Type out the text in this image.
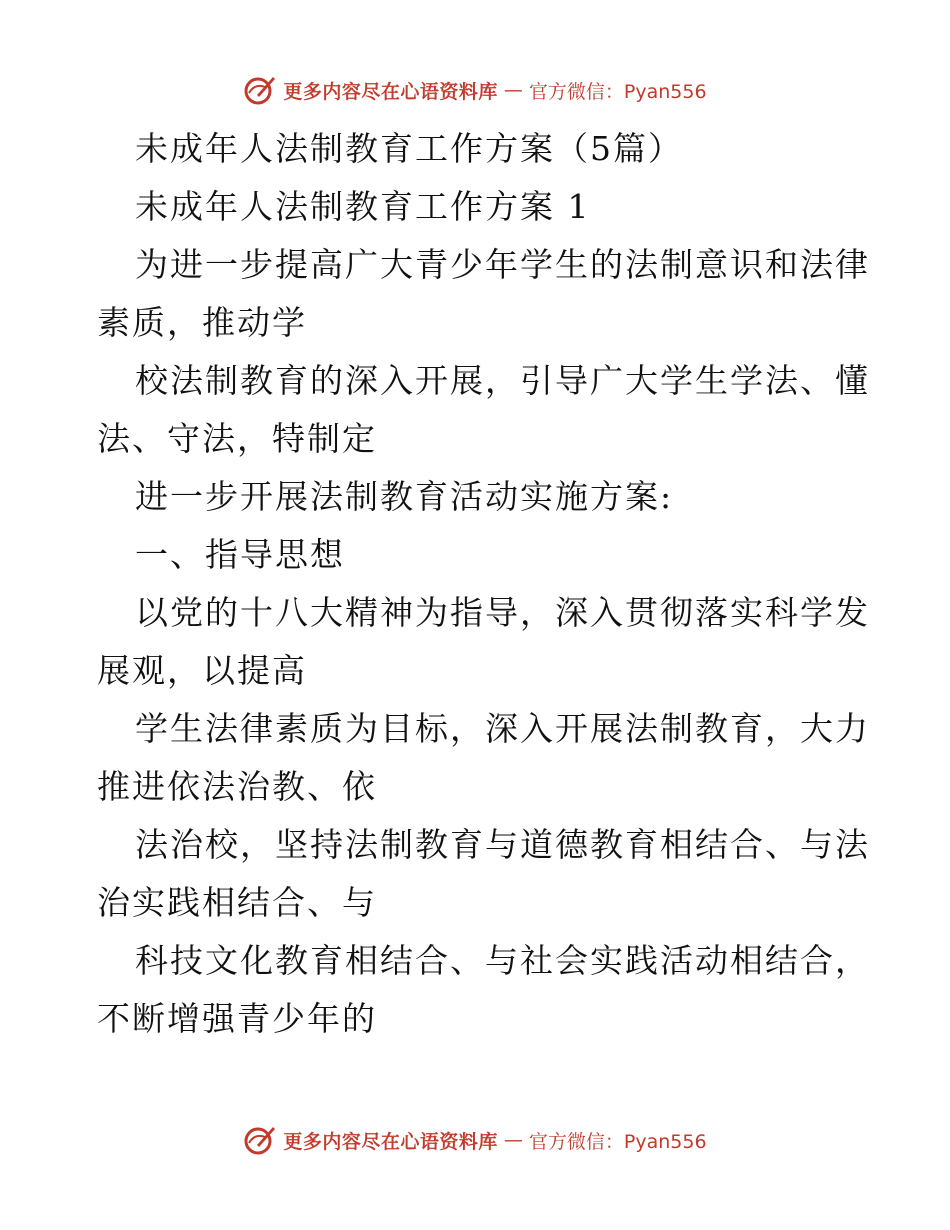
更多内容尽在心语资料库 — 官方微信：Pyan556
未成年人法制教育工作方案（5篇）
未成年人法制教育工作方案 1
为进一步提高广大青少年学生的法制意识和法律
素质，推动学
校法制教育的深入开展，引导广大学生学法、懂
法、守法，特制定
进一步开展法制教育活动实施方案:
一、指导思想
以党的十八大精神为指导，深入贯彻落实科学发
展观，以提高
学生法律素质为目标，深入开展法制教育，大力
推进依法治教、依
法治校，坚持法制教育与道德教育相结合、与法
治实践相结合、与
科技文化教育相结合、与社会实践活动相结合，
不断增强青少年的
更多内容尽在心语资料库 — 官方微信：Pyan556
